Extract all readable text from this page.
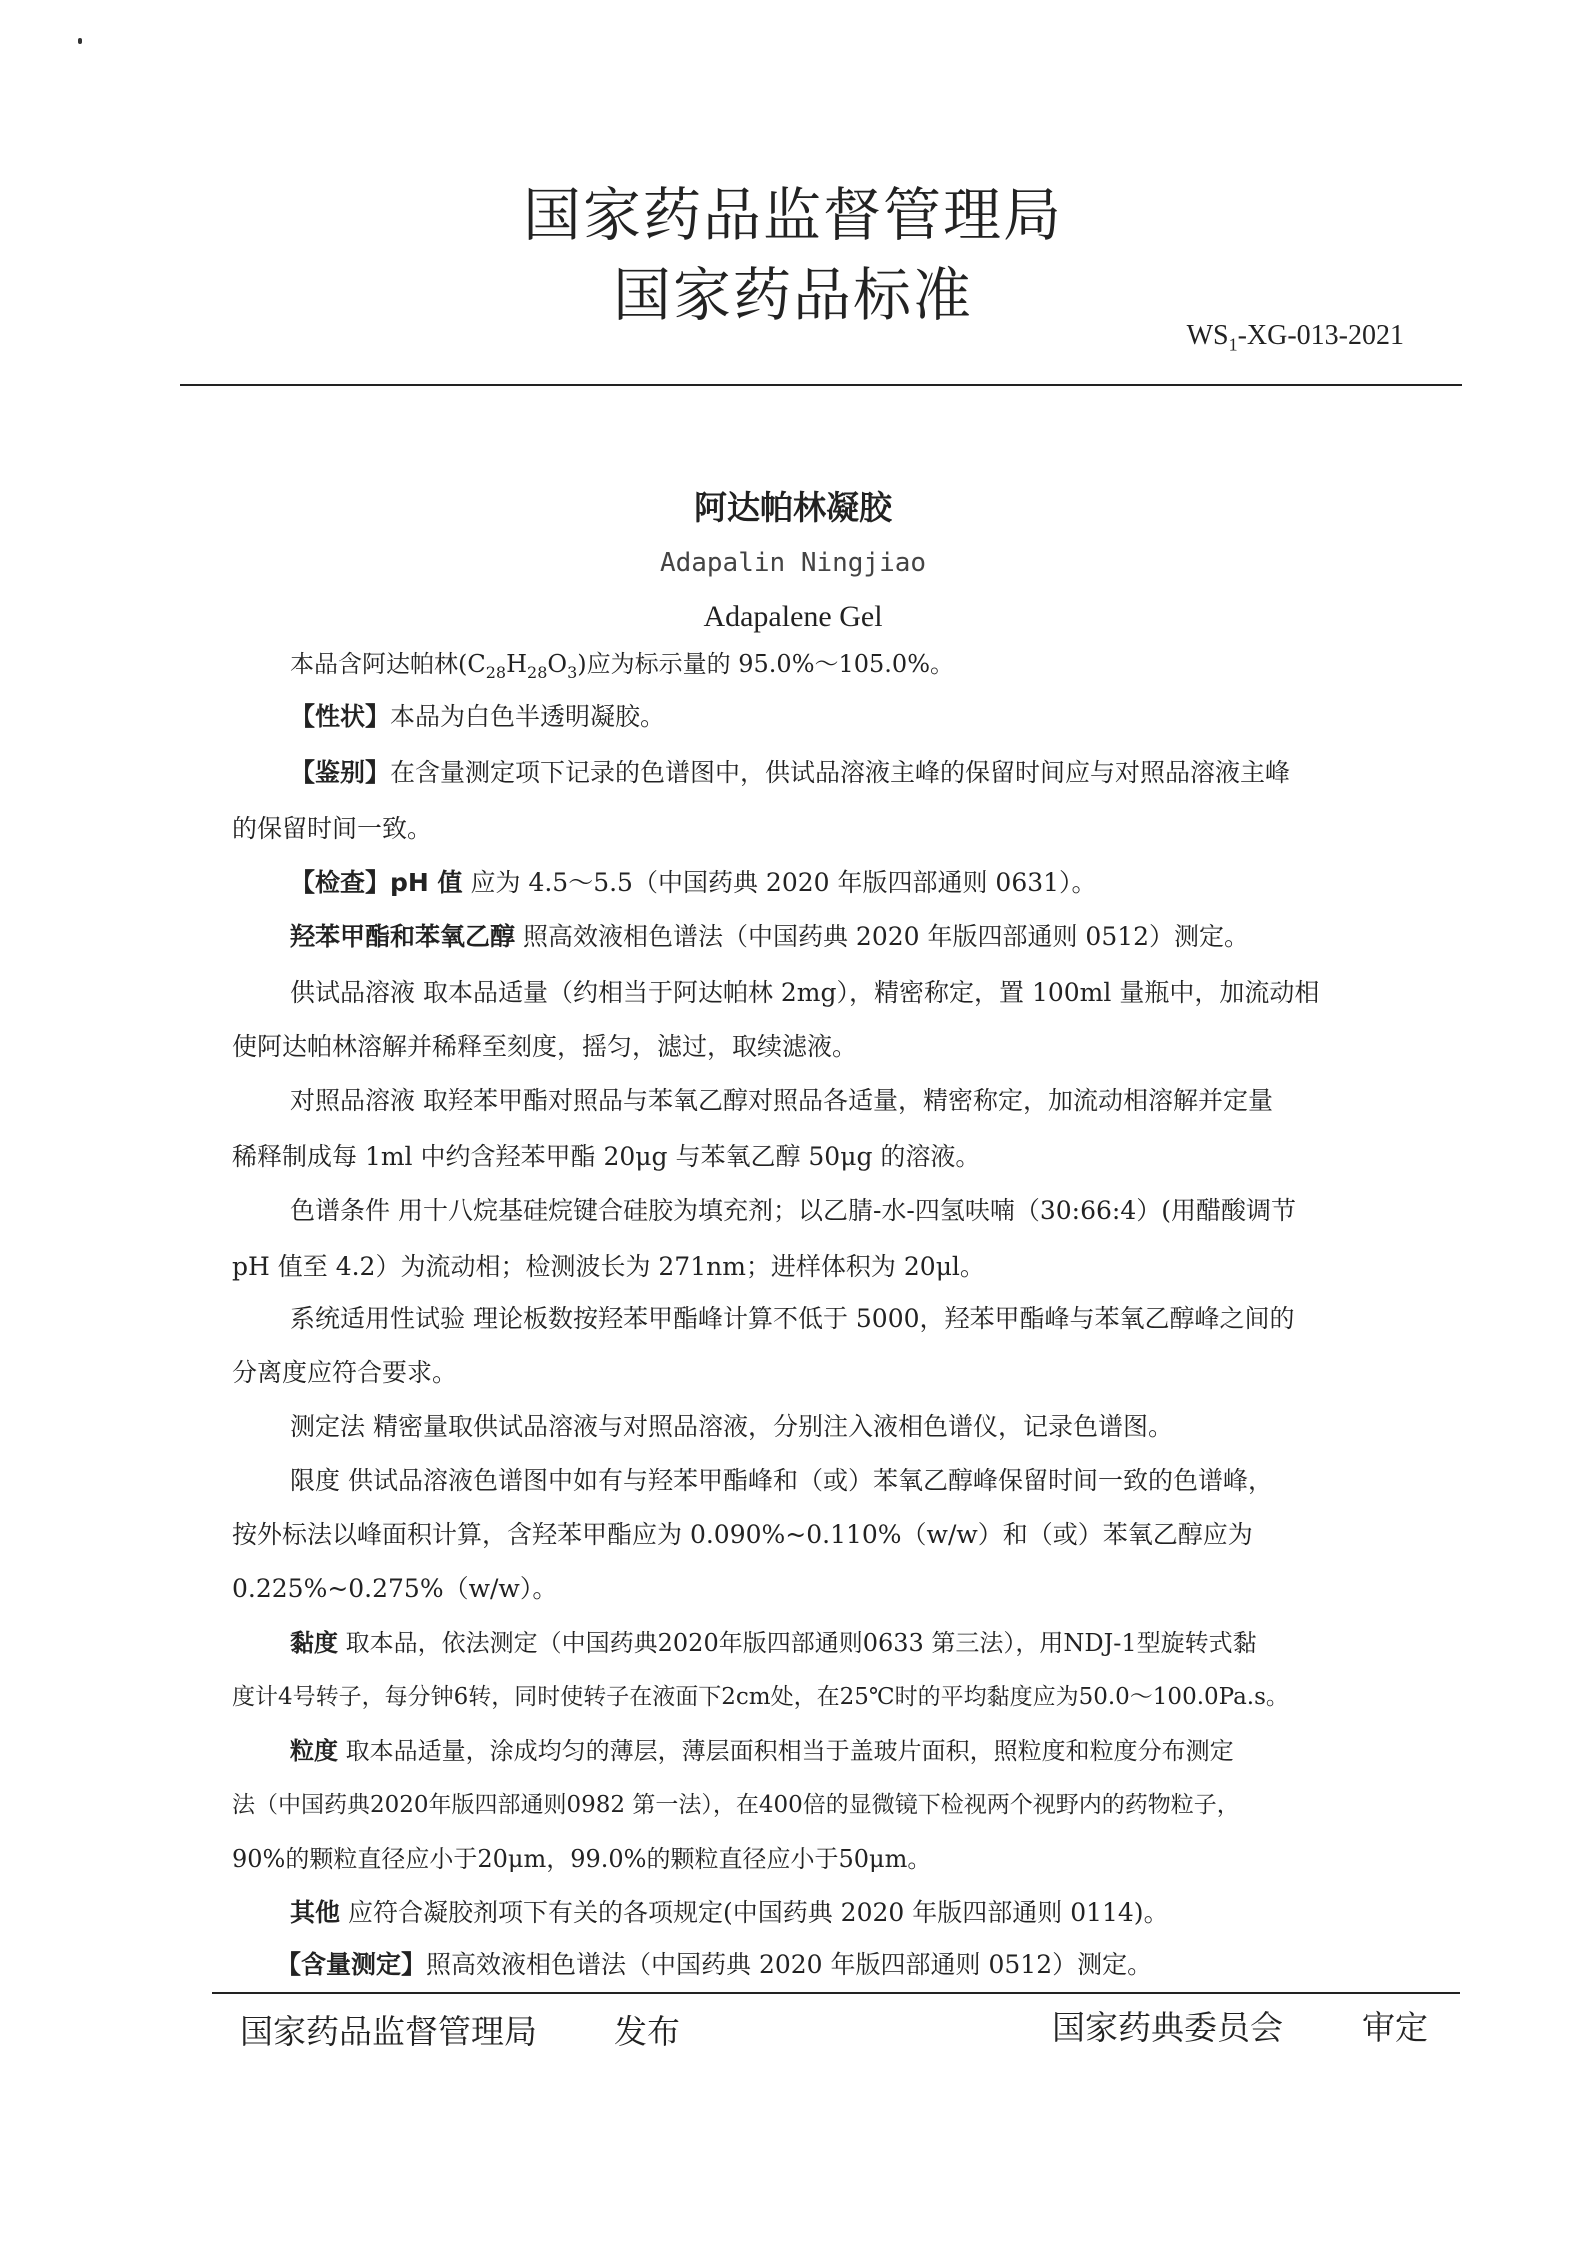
国家药品监督管理局
国家药品标准
$WS_1-XG-013-2021$
阿达帕林凝胶
Adapalin Ningjiao
Adapalene Gel
本品含阿达帕林$(C_{28}H_{28}O_3)$应为标示量的 95.0%～105.0%。
【性状】本品为白色半透明凝胶。
【鉴别】在含量测定项下记录的色谱图中，供试品溶液主峰的保留时间应与对照品溶液主峰
的保留时间一致。
【检查】pH 值 应为 4.5～5.5（中国药典 2020 年版四部通则 0631）。
羟苯甲酯和苯氧乙醇 照高效液相色谱法（中国药典 2020 年版四部通则 0512）测定。
供试品溶液 取本品适量（约相当于阿达帕林 2mg），精密称定，置 100ml 量瓶中，加流动相
使阿达帕林溶解并稀释至刻度，摇匀，滤过，取续滤液。
对照品溶液 取羟苯甲酯对照品与苯氧乙醇对照品各适量，精密称定，加流动相溶解并定量
稀释制成每 1ml 中约含羟苯甲酯 20μg 与苯氧乙醇 50μg 的溶液。
色谱条件 用十八烷基硅烷键合硅胶为填充剂；以乙腈-水-四氢呋喃（30:66:4）(用醋酸调节
pH 值至 4.2）为流动相；检测波长为 271nm；进样体积为 20μl。
系统适用性试验 理论板数按羟苯甲酯峰计算不低于 5000，羟苯甲酯峰与苯氧乙醇峰之间的
分离度应符合要求。
测定法 精密量取供试品溶液与对照品溶液，分别注入液相色谱仪，记录色谱图。
限度 供试品溶液色谱图中如有与羟苯甲酯峰和（或）苯氧乙醇峰保留时间一致的色谱峰，
按外标法以峰面积计算，含羟苯甲酯应为 0.090%~0.110%（w/w）和（或）苯氧乙醇应为
0.225%~0.275%（w/w）。
黏度 取本品，依法测定（中国药典2020年版四部通则0633 第三法），用NDJ-1型旋转式黏
度计4号转子，每分钟6转，同时使转子在液面下2cm处，在25℃时的平均黏度应为50.0～100.0Pa.s。
粒度 取本品适量，涂成均匀的薄层，薄层面积相当于盖玻片面积，照粒度和粒度分布测定
法（中国药典2020年版四部通则0982 第一法），在400倍的显微镜下检视两个视野内的药物粒子，
90%的颗粒直径应小于20μm，99.0%的颗粒直径应小于50μm。
其他 应符合凝胶剂项下有关的各项规定(中国药典 2020 年版四部通则 0114)。
【含量测定】照高效液相色谱法（中国药典 2020 年版四部通则 0512）测定。
国家药品监督管理局 发布	国家药典委员会 审定
